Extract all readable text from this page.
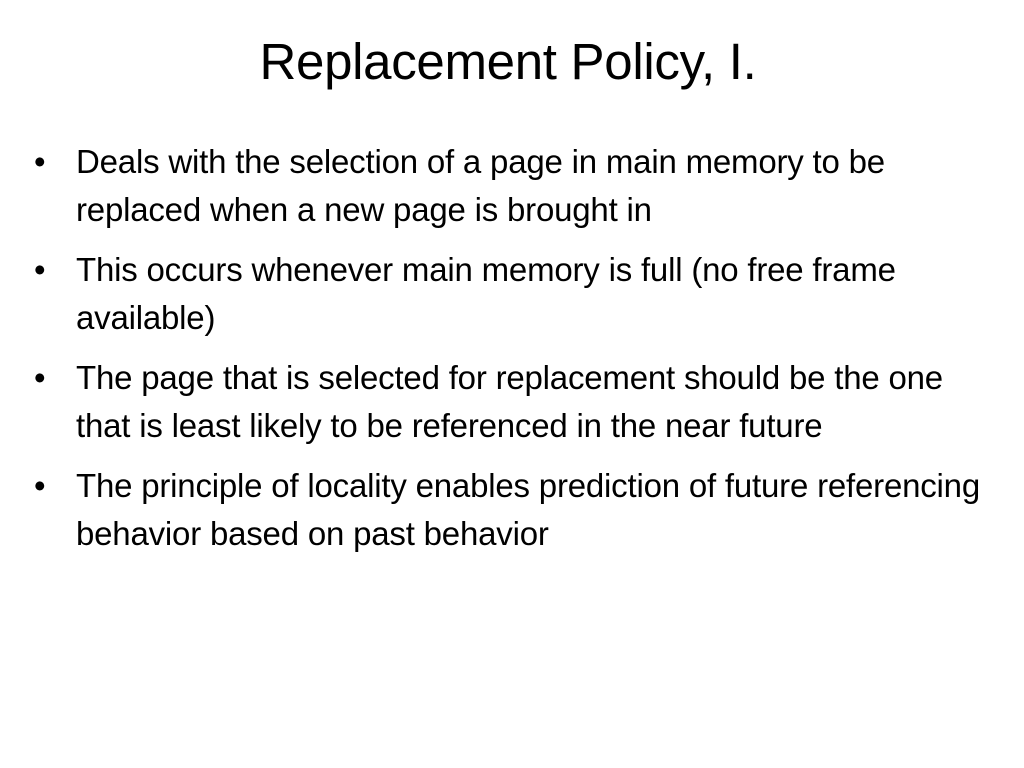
Replacement Policy, I.
• Deals with the selection of a page in main memory to be replaced when a new page is brought in
• This occurs whenever main memory is full (no free frame available)
• The page that is selected for replacement should be the one that is least likely to be referenced in the near future
• The principle of locality enables prediction of future referencing behavior based on past behavior
